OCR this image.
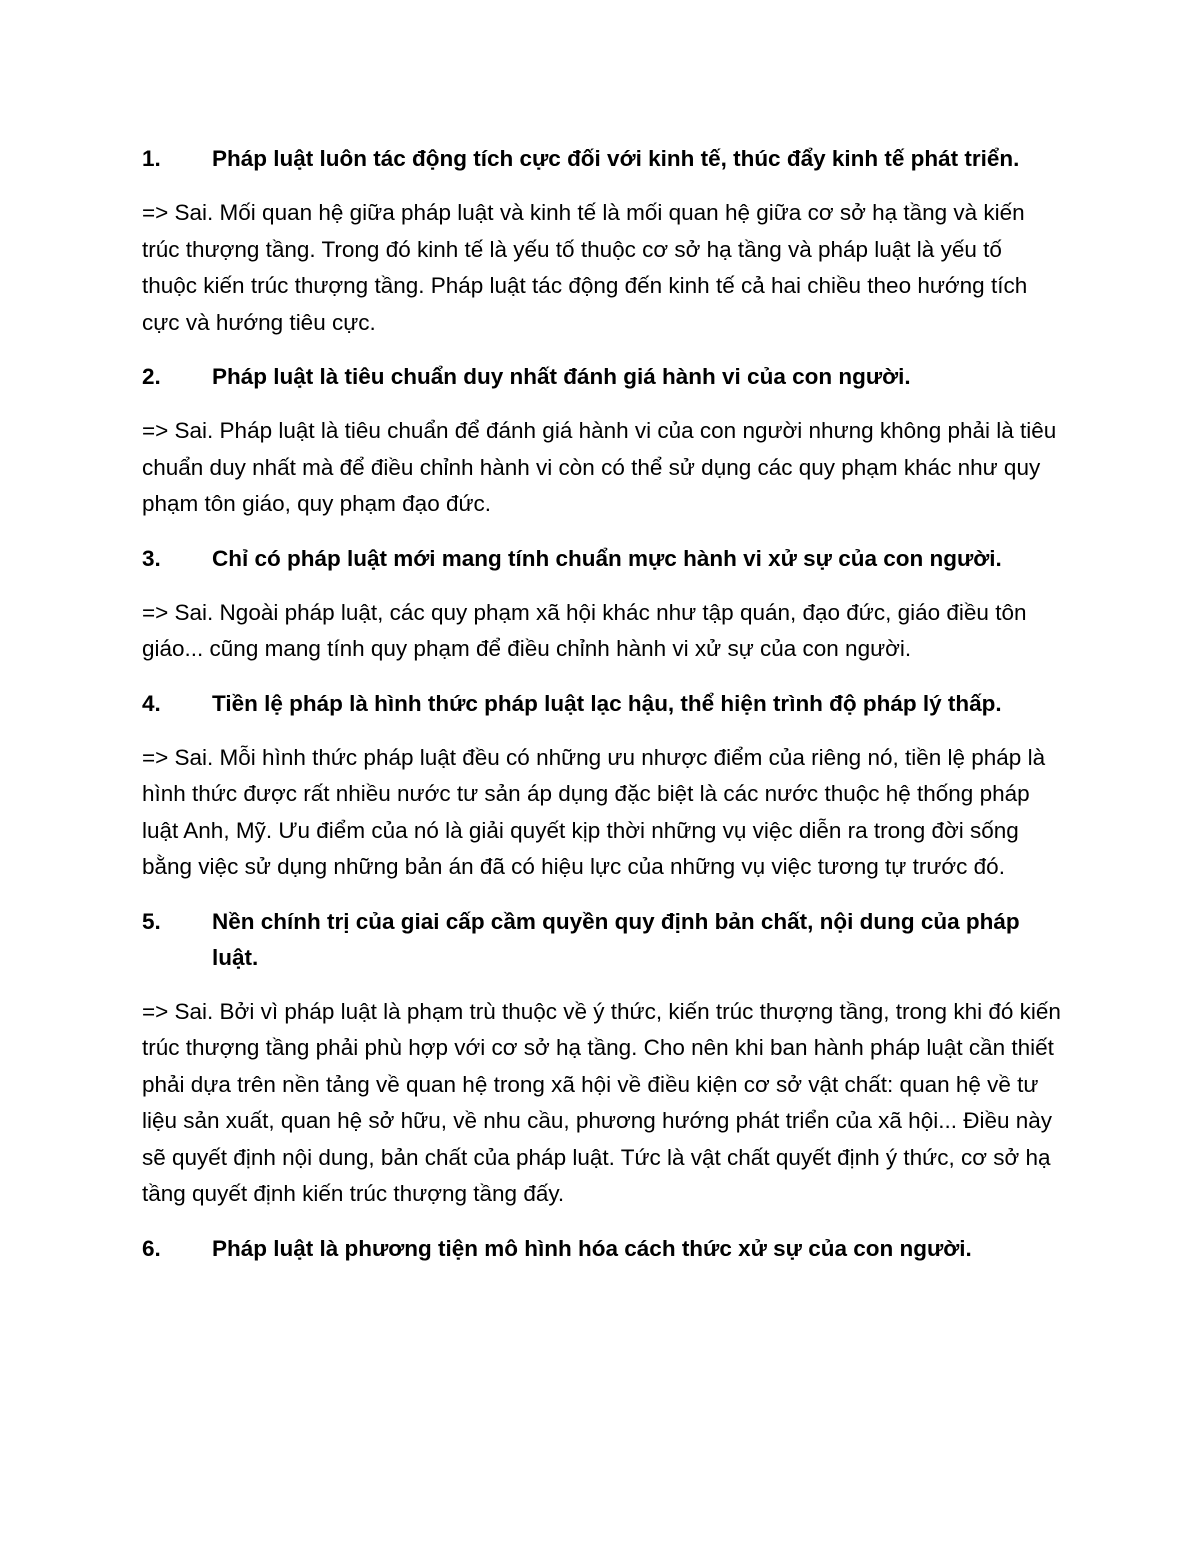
1. Pháp luật luôn tác động tích cực đối với kinh tế, thúc đẩy kinh tế phát triển.
=> Sai. Mối quan hệ giữa pháp luật và kinh tế là mối quan hệ giữa cơ sở hạ tầng và kiến trúc thượng tầng. Trong đó kinh tế là yếu tố thuộc cơ sở hạ tầng và pháp luật là yếu tố thuộc kiến trúc thượng tầng. Pháp luật tác động đến kinh tế cả hai chiều theo hướng tích cực và hướng tiêu cực.
2. Pháp luật là tiêu chuẩn duy nhất đánh giá hành vi của con người.
=> Sai. Pháp luật là tiêu chuẩn để đánh giá hành vi của con người nhưng không phải là tiêu chuẩn duy nhất mà để điều chỉnh hành vi còn có thể sử dụng các quy phạm khác như quy phạm tôn giáo, quy phạm đạo đức.
3. Chỉ có pháp luật mới mang tính chuẩn mực hành vi xử sự của con người.
=> Sai. Ngoài pháp luật, các quy phạm xã hội khác như tập quán, đạo đức, giáo điều tôn giáo... cũng mang tính quy phạm để điều chỉnh hành vi xử sự của con người.
4. Tiền lệ pháp là hình thức pháp luật lạc hậu, thể hiện trình độ pháp lý thấp.
=> Sai. Mỗi hình thức pháp luật đều có những ưu nhược điểm của riêng nó, tiền lệ pháp là hình thức được rất nhiều nước tư sản áp dụng đặc biệt là các nước thuộc hệ thống pháp luật Anh, Mỹ. Ưu điểm của nó là giải quyết kịp thời những vụ việc diễn ra trong đời sống bằng việc sử dụng những bản án đã có hiệu lực của những vụ việc tương tự trước đó.
5. Nền chính trị của giai cấp cầm quyền quy định bản chất, nội dung của pháp luật.
=> Sai. Bởi vì pháp luật là phạm trù thuộc về ý thức, kiến trúc thượng tầng, trong khi đó kiến trúc thượng tầng phải phù hợp với cơ sở hạ tầng. Cho nên khi ban hành pháp luật cần thiết phải dựa trên nền tảng về quan hệ trong xã hội về điều kiện cơ sở vật chất: quan hệ về tư liệu sản xuất, quan hệ sở hữu, về nhu cầu, phương hướng phát triển của xã hội... Điều này sẽ quyết định nội dung, bản chất của pháp luật. Tức là vật chất quyết định ý thức, cơ sở hạ tầng quyết định kiến trúc thượng tầng đấy.
6. Pháp luật là phương tiện mô hình hóa cách thức xử sự của con người.
